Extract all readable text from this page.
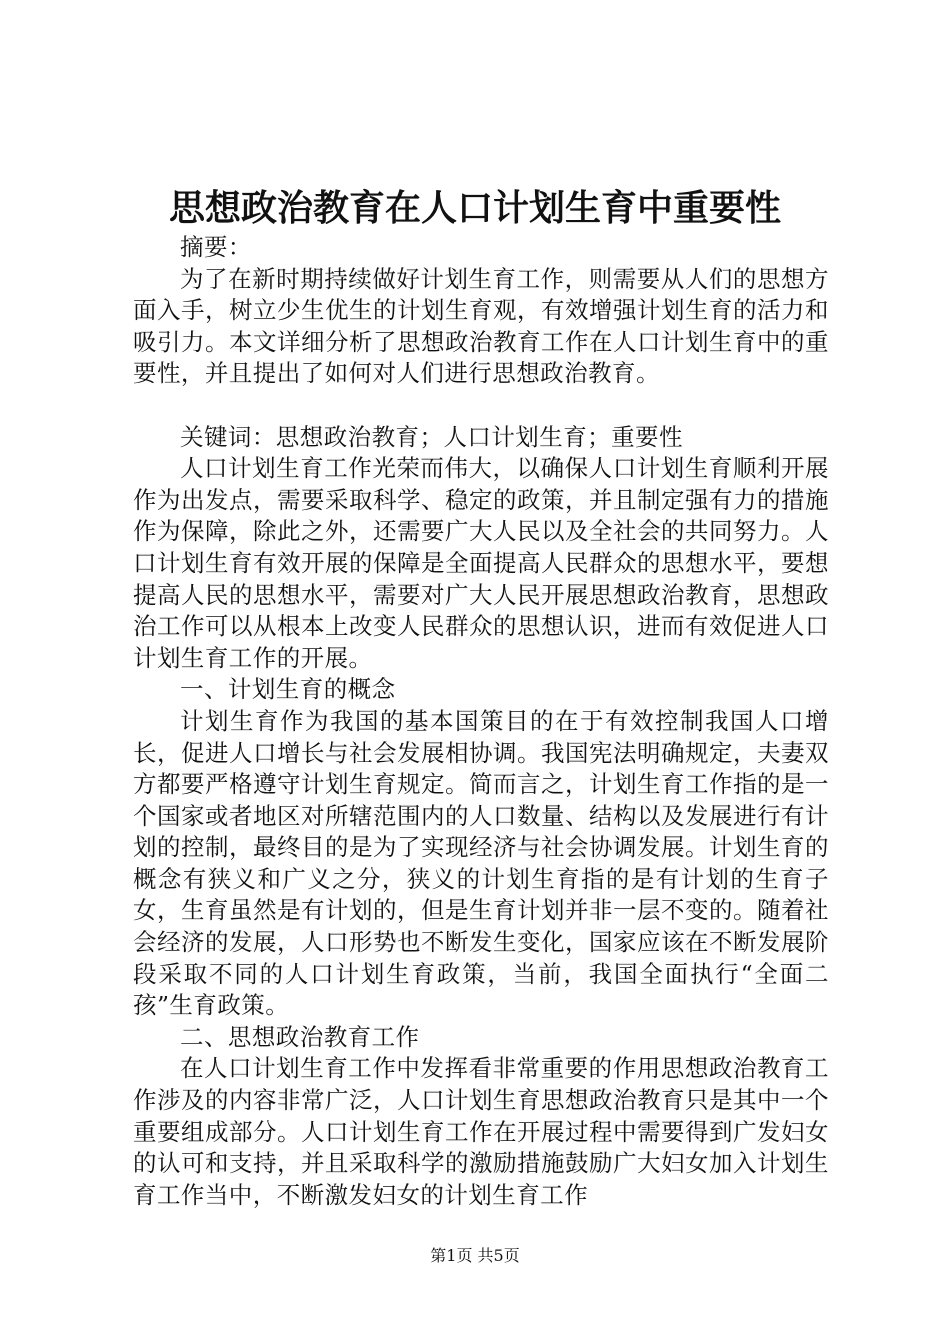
思想政治教育在人口计划生育中重要性

摘要：

为了在新时期持续做好计划生育工作，则需要从人们的思想方面入手，树立少生优生的计划生育观，有效增强计划生育的活力和吸引力。本文详细分析了思想政治教育工作在人口计划生育中的重要性，并且提出了如何对人们进行思想政治教育。

关键词：思想政治教育；人口计划生育；重要性

人口计划生育工作光荣而伟大，以确保人口计划生育顺利开展作为出发点，需要采取科学、稳定的政策，并且制定强有力的措施作为保障，除此之外，还需要广大人民以及全社会的共同努力。人口计划生育有效开展的保障是全面提高人民群众的思想水平，要想提高人民的思想水平，需要对广大人民开展思想政治教育，思想政治工作可以从根本上改变人民群众的思想认识，进而有效促进人口计划生育工作的开展。

一、计划生育的概念

计划生育作为我国的基本国策目的在于有效控制我国人口增长，促进人口增长与社会发展相协调。我国宪法明确规定，夫妻双方都要严格遵守计划生育规定。简而言之，计划生育工作指的是一个国家或者地区对所辖范围内的人口数量、结构以及发展进行有计划的控制，最终目的是为了实现经济与社会协调发展。计划生育的概念有狭义和广义之分，狭义的计划生育指的是有计划的生育子女，生育虽然是有计划的，但是生育计划并非一层不变的。随着社会经济的发展，人口形势也不断发生变化，国家应该在不断发展阶段采取不同的人口计划生育政策，当前，我国全面执行“全面二孩”生育政策。

二、思想政治教育工作

在人口计划生育工作中发挥看非常重要的作用思想政治教育工作涉及的内容非常广泛，人口计划生育思想政治教育只是其中一个重要组成部分。人口计划生育工作在开展过程中需要得到广发妇女的认可和支持，并且采取科学的激励措施鼓励广大妇女加入计划生育工作当中，不断激发妇女的计划生育工作

第1页 共5页
